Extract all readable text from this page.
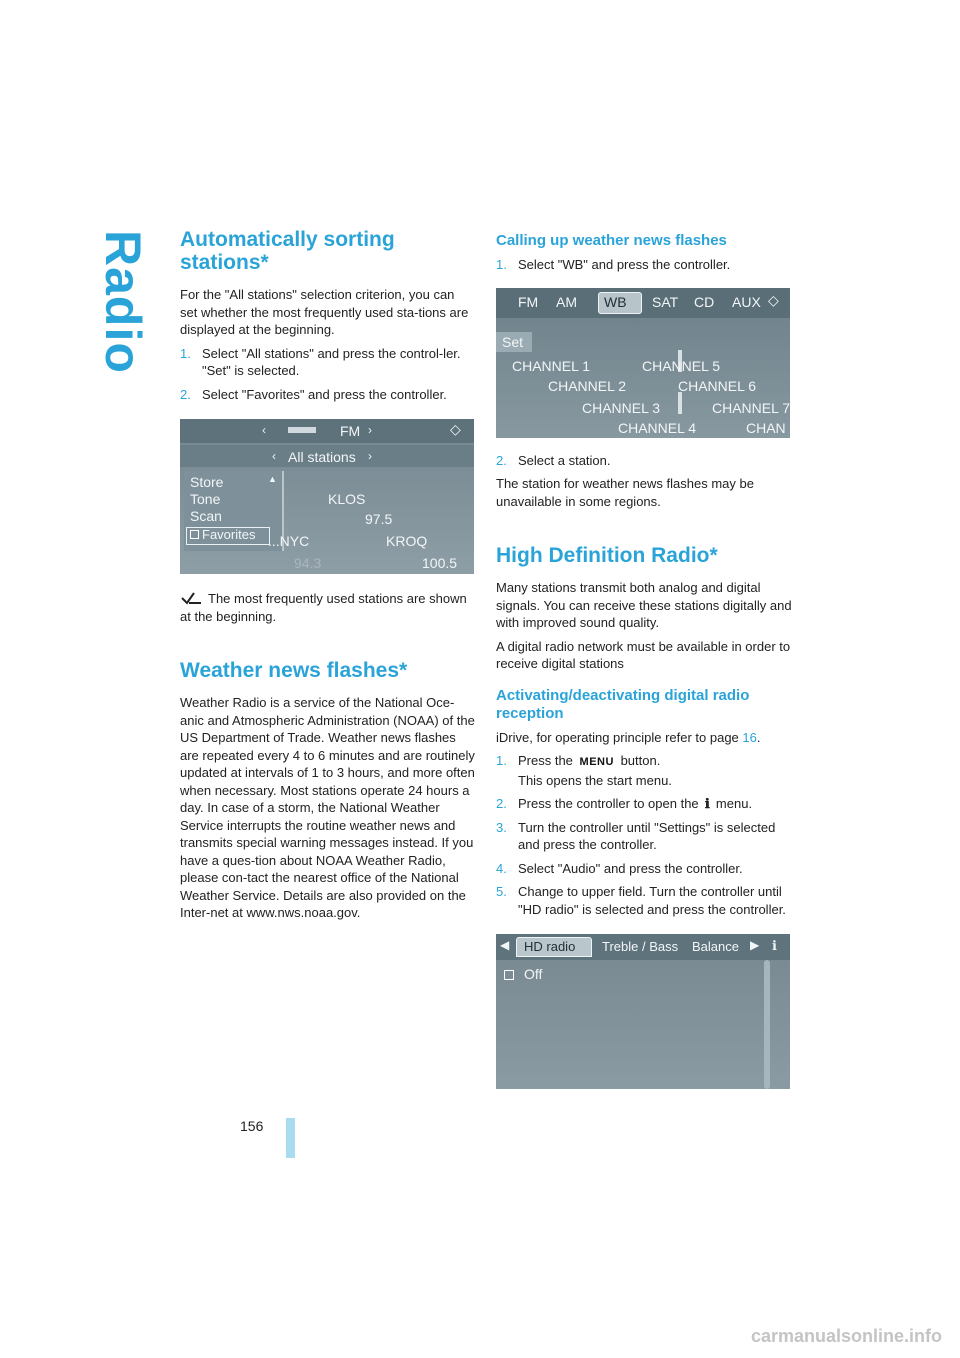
Radio
156
Automatically sorting stations*

For the "All stations" selection criterion, you can set whether the most frequently used sta-tions are displayed at the beginning.

1. Select "All stations" and press the control-ler.
"Set" is selected.
2. Select "Favorites" and press the controller.
‹	FM ›	◇
‹ All stations ›
Store
Tone
Scan
Favorites
▲
KLOS
97.5
...NYC	KROQ
94.3	100.5

The most frequently used stations are shown at the beginning.

Weather news flashes*

Weather Radio is a service of the National Oce-anic and Atmospheric Administration (NOAA) of the US Department of Trade. Weather news flashes are repeated every 4 to 6 minutes and are routinely updated at intervals of 1 to 3 hours, and more often when necessary. Most stations operate 24 hours a day. In case of a storm, the National Weather Service interrupts the routine weather news and transmits special warning messages instead. If you have a ques-tion about NOAA Weather Radio, please con-tact the nearest office of the National Weather Service. Details are also provided on the Inter-net at www.nws.noaa.gov.

Calling up weather news flashes
1. Select "WB" and press the controller.
FM AM WB SAT CD AUX ◇
Set
CHANNEL 1
CHANNEL 2
CHANNEL 3
CHANNEL 4
CHANNEL 5
CHANNEL 6
CHANNEL 7
CHAN
2. Select a station.

The station for weather news flashes may be unavailable in some regions.

High Definition Radio*

Many stations transmit both analog and digital signals. You can receive these stations digitally and with improved sound quality.

A digital radio network must be available in order to receive digital stations

Activating/deactivating digital radio reception

iDrive, for operating principle refer to page 16.

1. Press the MENU button.
This opens the start menu.
2. Press the controller to open the ℹ menu.
3. Turn the controller until "Settings" is selected and press the controller.
4. Select "Audio" and press the controller.
5. Change to upper field. Turn the controller until "HD radio" is selected and press the controller.
◀ HD radio Treble / Bass Balance ▶ ℹ
Off
carmanualsonline.info
